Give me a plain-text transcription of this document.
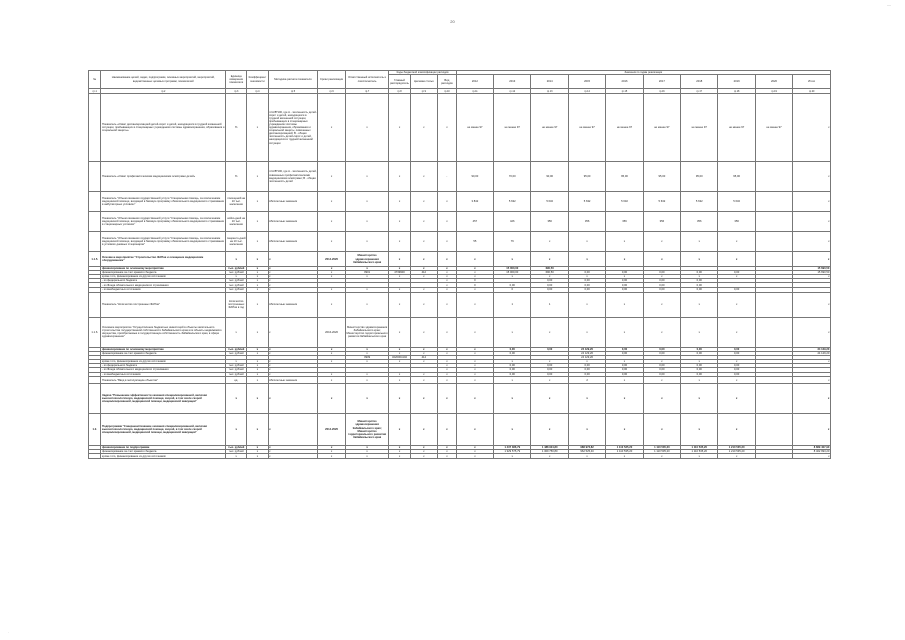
—
·
20
№	Наименование целей, задач, подпрограмм, основных мероприятий, мероприятий, ведомственных целевых программ, показателей	Единица измерения показателя	Коэффициент значимости	Методика расчета показателя	Сроки реализации	Ответственный исполнитель и соисполнитель	Коды бюджетной классификации расходов			Значения по годам реализации									
							Главный распорядитель	Целевая статья	Вид расходов	2012	2013	2014	2015	2016	2017	2018	2019	2020	Итого
гр.1	гр.2	гр.3	гр.4	гр.5	гр.6	гр.7	гр.8	гр.9	гр.10	гр.11	гр.12	гр.13	гр.14	гр.15	гр.16	гр.17	гр.18	гр.19	гр.20
	Показатель «Охват диспансеризацией детей-сирот и детей, находящихся в трудной жизненной ситуации, пребывающих в стационарных учреждениях системы здравоохранения, образования и социальной защиты»	%	х	n=A/B*100, где A - численность детей-сирот и детей, находящихся в трудной жизненной ситуации, пребывающих в стационарных учреждениях системы здравоохранения, образования и социальной защиты, охваченных диспансеризацией; B - общая численность детей-сирот и детей, находящихся в трудной жизненной ситуации	х	х	х	х	х	не менее 97	не менее 97	не менее 97	не менее 97	не менее 97	не менее 97	не менее 97	не менее 97	не менее 97	х
	Показатель «Охват профилактическими медицинскими осмотрами детей»	%	х	n=A/B*100, где A - численность детей, охваченных профилактическими медицинскими осмотрами; B - общая численность детей	х	х	х	х	-	90,00	70,00	90,00	95,00	95,00	95,00	95,00	95,00		х
	Показатель "Объем оказания государственной услуги "Специальная помощь, за исключением медицинской помощи, входящей в базовую программу обязательного медицинского страхования в амбулаторных условиях"	посещений на 10 тыс. населения	х	Абсолютные значения	х	х	х	х	х	3 842	5 632	5 632	5 632	5 632	5 632	5 632	5 632		х
	Показатель "Объем оказания государственной услуги "Специальная помощь, за исключением медицинской помощи, входящей в базовую программу обязательного медицинского страхования в стационарных условиях"	койко-дней на 10 тыс. населения	х	Абсолютные значения	х	х	х	х	х	457	426	356	356	356	356	356	356		х
	Показатель "Объем оказания государственной услуги "Специальная помощь, за исключением медицинской помощи, входящей в базовую программу обязательного медицинского страхования в условиях дневных стационаров"	пациенто-дней на 10 тыс. населения	х	Абсолютные значения	х	х	х	х	х	55	76	х	х	х	х	х	х		х
1.1.5.	Основное мероприятие "Строительство ФАПов и оснащение медицинским оборудованием"	х	х	х	2014-2020	Министерство здравоохранения Забайкальского края	х	х	х	х	х	х	х	х	х	х	х		х
	финансирование по основному мероприятию	тыс. рублей	х	х	х	х	х	х	х	х	15 000,00	690,50							15 690,50
	финансирование за счет краевого бюджета	тыс. рублей	х	х	х	0901	4739900	412	х	х	15 000,00	690,50	0,00	0,00	0,00	0,00	0,00		15 690,50
	кроме того, финансирование из других источников:	х	х	х	х	х	х	х	х	х	х	х	х	х	х	х	х		х
	- из федерального бюджета	тыс. рублей	х	х					х	0		0,00	0,00	0,00	0,00	0,00			
	- из Фонда обязательного медицинского страхования	тыс. рублей	х	х					х	0	0,00	0,00	0,00	0,00	0,00	0,00			
	- из внебюджетных источников	тыс. рублей	х	х	х	х	х	х	х	х	0	0,00	0,00	0,00	0,00	0,00	0,00		
	Показатель "Количество построенных ФАПов"	Количество построенных ФАПов в год	х	Абсолютные значения	х	х	х	х	х	х	1	1	х	х	х	х	х		х
1.1.6.	Основное мероприятие "Осуществление бюджетных инвестиций в объекты капитального строительства государственной собственности Забайкальского края или объекты недвижимого имущества, приобретаемые в государственную собственность Забайкальского края, в сфере здравоохранения"	х	х	х	2016-2020	Министерство здравоохранения Забайкальского края; Министерство территориального развития Забайкальского края	х	х	х	х	х	х	х	х	х	х	х		х
	финансирование по основному мероприятию	тыс. рублей	х	х	х	х	х	х	х	х	0,00	0,00	24 129,20	0,00	0,00	0,00	0,00		24 129,20
	финансирование за счет краевого бюджета	тыс. рублей	х	х	х	х	х	х	х	х	0,00		24 129,20	0,00	0,00	0,00	0,00		24 129,20
						0909	3220004102	414					24 129,20						
	кроме того, финансирование из других источников:	х	х	х	х	х	х	х	х	х	х	х	х	х	х	х	х		х
	- из федерального бюджета	тыс. рублей	х	х					х	х	0,00	0,00	0,00	0,00	0,00	0,00	0,00		
	- из Фонда обязательного медицинского страхования	тыс. рублей	х	х					х	х	0,00	0,00	0,00	0,00	0,00	0,00	0,00		
	- из внебюджетных источников	тыс. рублей	х	х	х	х	х	х	х	х	0,00	0,00	0,00	0,00	0,00	0,00	0,00		
	Показатель "Ввод в эксплуатацию объектов"	ед.	х	Абсолютные значения	х	х	х	х	х	х	х	х	2	х	х	х	х		х
	Задача "Повышение эффективности оказания специализированной, включая высокотехнологичную, медицинской помощи, скорой, в том числе скорой специализированной, медицинской помощи, медицинской эвакуации"	х	х	х	х	х	х	х	х	х	х	х	х	х	х	х	х		х
1.2.	Подпрограмма "Совершенствование оказания специализированной, включая высокотехнологичную, медицинской помощи, скорой, в том числе скорой специализированной, медицинской помощи, медицинской эвакуации"	х	х	х	2014-2020	Министерство здравоохранения Забайкальского края; Министерство территориального развития Забайкальского края	х	х	х	х	х	х	х	х	х	х	х		х
	финансирование по подпрограмме	тыс. рублей	х	х	х	х	х	х	х	х	1 437 386,79	1 488 904,80	988 972,82	1 110 535,20	1 110 535,20	1 110 535,20	1 210 535,20		8 869 407,90
	финансирование за счет краевого бюджета	тыс. рублей	х	х	х	х	х	х	х	х	1 329 575,79	1 309 750,80	962 525,40	1 110 535,20	1 110 535,20	1 110 535,20	1 210 535,20		8 402 993,20
	кроме того, финансирование из других источников:	х	х	х	х	х	х	х	х	х	х	х	х	х	х	х	х		х
